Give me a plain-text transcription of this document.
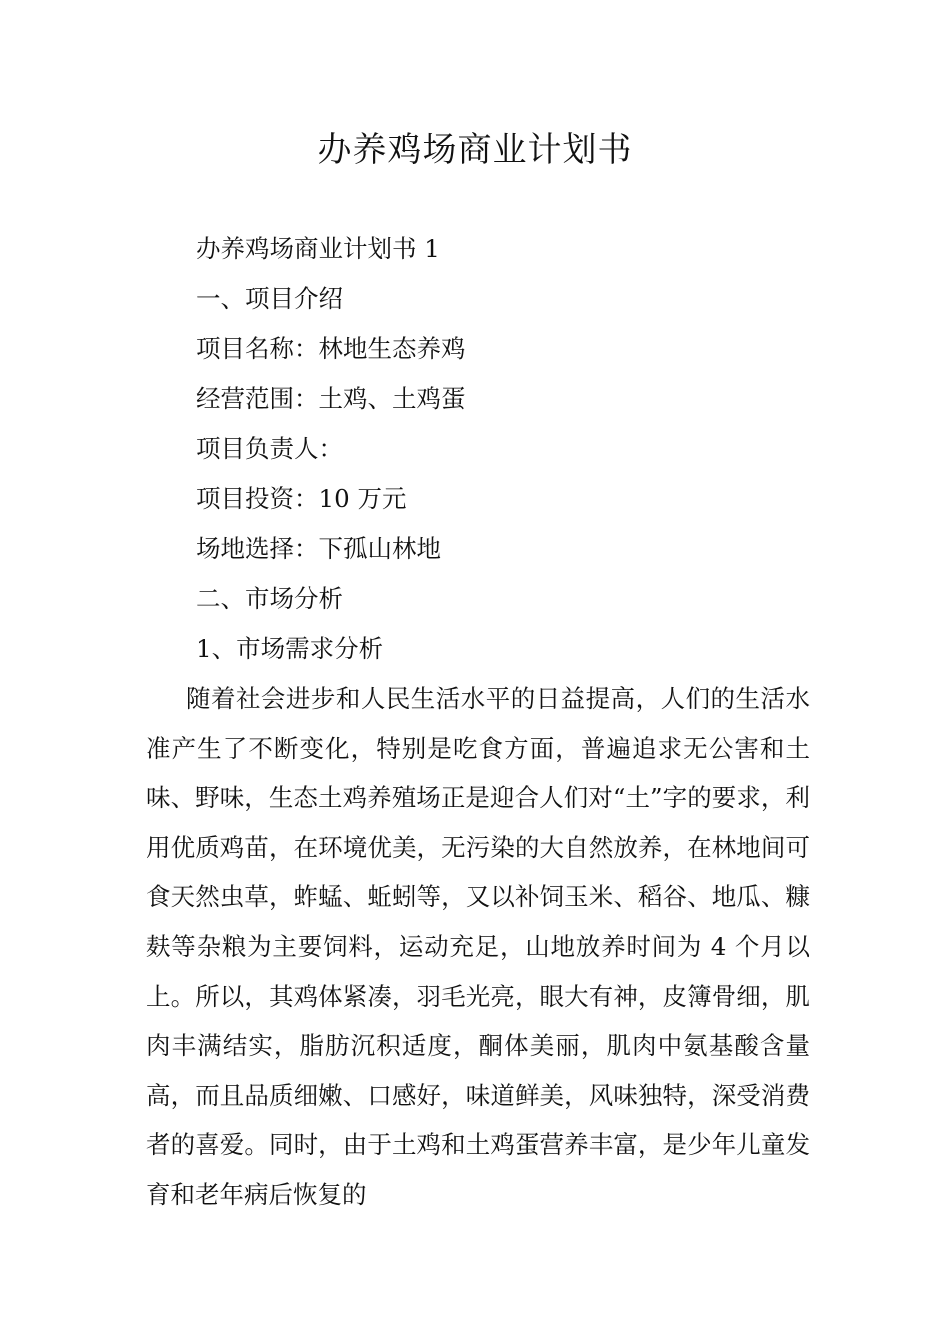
办养鸡场商业计划书

办养鸡场商业计划书 1

一、项目介绍

项目名称：林地生态养鸡

经营范围：土鸡、土鸡蛋

项目负责人：

项目投资：10 万元

场地选择：下孤山林地

二、市场分析

1、市场需求分析

随着社会进步和人民生活水平的日益提高，人们的生活水准产生了不断变化，特别是吃食方面，普遍追求无公害和土味、野味，生态土鸡养殖场正是迎合人们对“土”字的要求，利用优质鸡苗，在环境优美，无污染的大自然放养，在林地间可食天然虫草，蚱蜢、蚯蚓等，又以补饲玉米、稻谷、地瓜、糠麸等杂粮为主要饲料，运动充足，山地放养时间为 4 个月以上。所以，其鸡体紧凑，羽毛光亮，眼大有神，皮簿骨细，肌肉丰满结实，脂肪沉积适度，酮体美丽，肌肉中氨基酸含量高，而且品质细嫩、口感好，味道鲜美，风味独特，深受消费者的喜爱。同时，由于土鸡和土鸡蛋营养丰富，是少年儿童发育和老年病后恢复的
